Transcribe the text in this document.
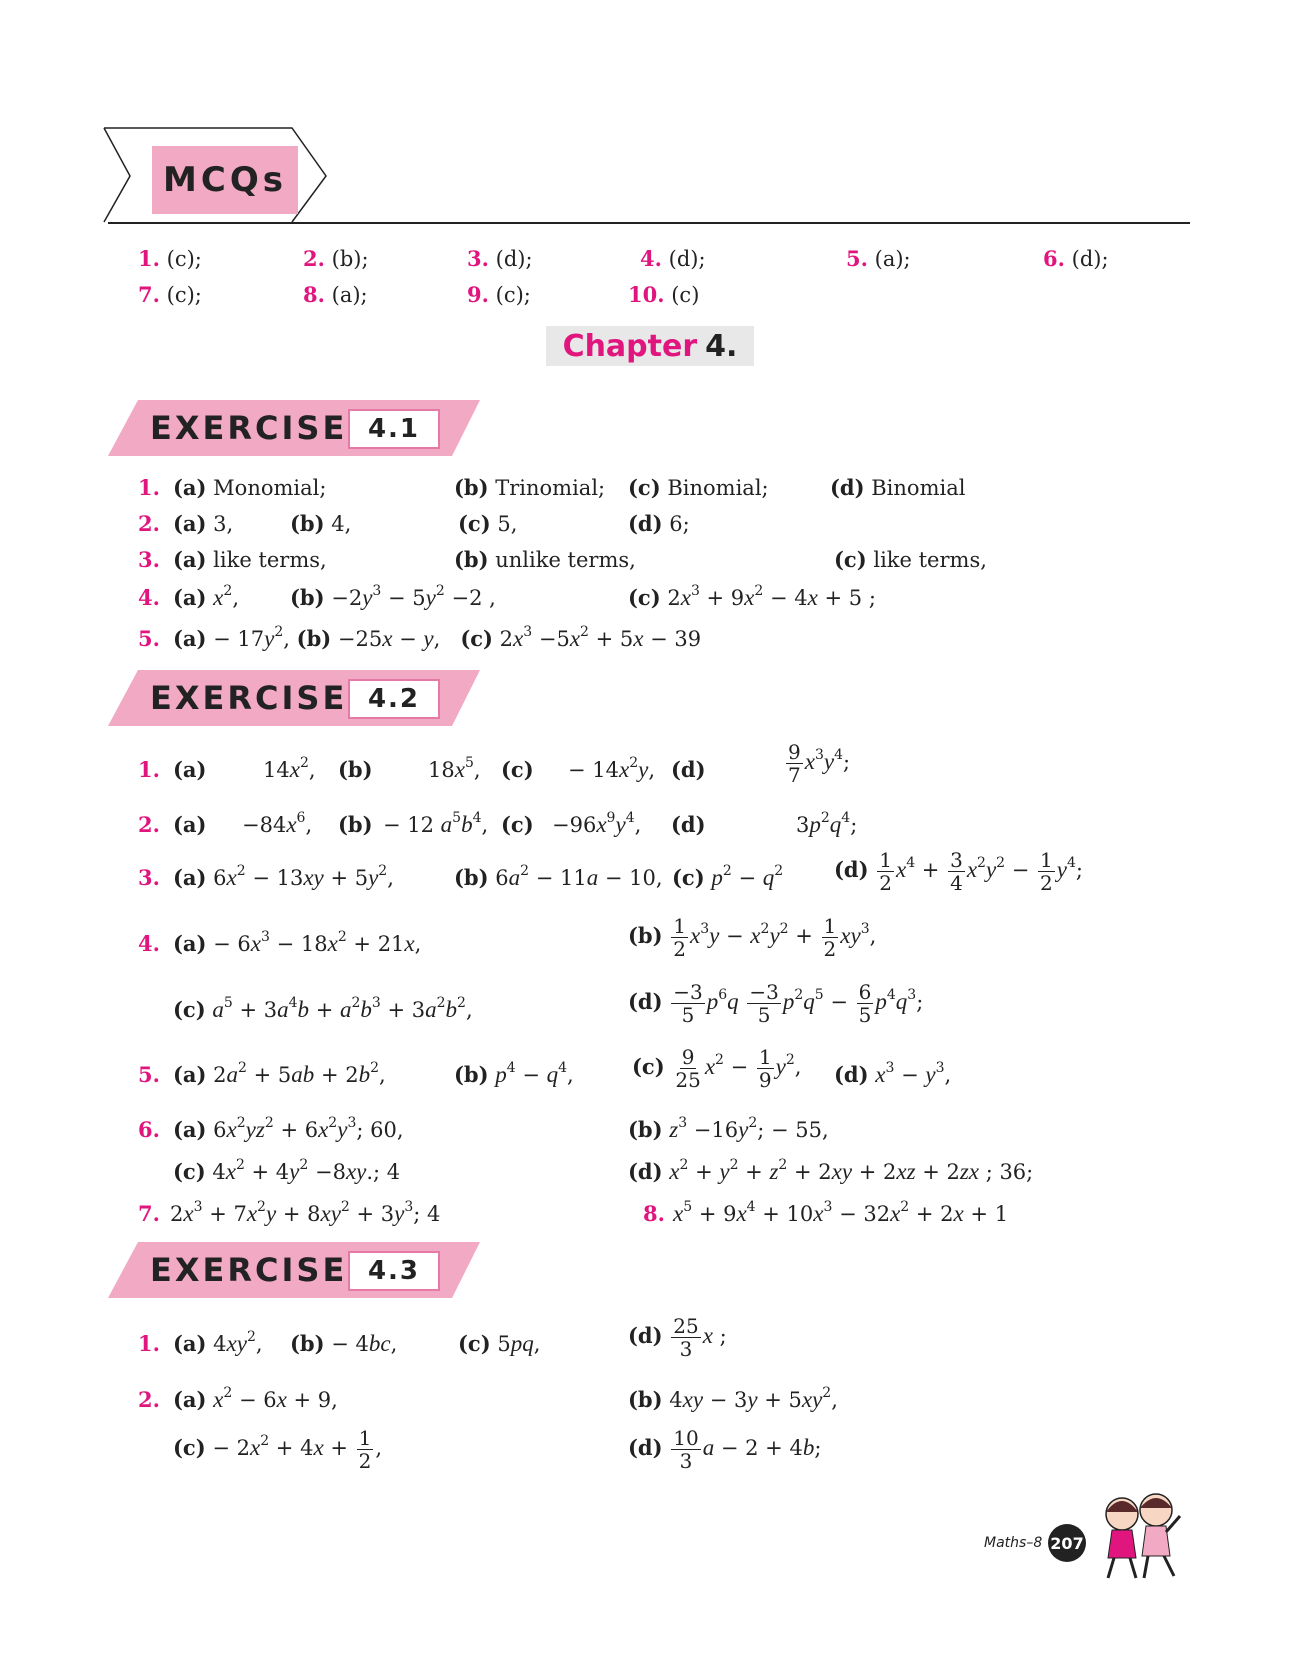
MCQs
1. (c);	2. (b);	3. (d);	4. (d);	5. (a);	6. (d);
7. (c);	8. (a);	9. (c);	10. (c)
Chapter 4.
EXERCISE 4.1
1. (a) Monomial;	(b) Trinomial; (c) Binomial;	(d) Binomial
2. (a) 3,	(b) 4,	(c) 5,	(d) 6;
3. (a) like terms,	(b) unlike terms,	(c) like terms,
4. (a) $x^2$, $(b) -2y^3 - 5y^2 -2$ ,	(c) $2x^3 + 9x^2 - 4x + 5$ ;
5. $(a) - 17y^2$, (b) −25x − y,   (c) $2x^3 -5x^2 + 5x - 39$
EXERCISE 4.2
1. (a)	$14x^2$, (b)	$18x^5$, $(c) - 14x^2y$, (d)	$\frac{9}{7} x^3y^4$;
2. $(a) -84x^6$, (b) − 12 $a^5b^4$, $(c) -96x^9y^4$, (d)	$3p^2q^4$;
3. (a) $6x^2 - 13xy + 5y^2$,	(b) $6a^2 - 11a - 10$, (c) $p^2 - q^2$ $(d) \frac{1}{2} x^4 + \frac{3}{4} x^2y^2 - \frac{1}{2} y^4$;
4. $(a) - 6x^3 - 18x^2 + 21x$,	$(b) \frac{1}{2} x^3y - x^2y^2 + \frac{1}{2} xy^3$,
(c) $a^5 + 3a^4b + a^2b^3 + 3a^2b^2$,	$(d) \frac{-3}{5} p^6q \frac{-3}{5} p^2q^5 - \frac{6}{5} p^4q^3$;
5. (a) $2a^2 + 5ab + 2b^2$,	(b) $p^4 - q^4$,	$(c) \frac{9}{25} x^2 - \frac{1}{9} y^2$, (d) $x^3 - y^3$,
6. (a) $6x^2yz^2 + 6x^2y^3$; 60,	(b) $z^3 -16y^2$; − 55,
(c) $4x^2 + 4y^2 -8xy$.; 4	(d) $x^2 + y^2 + z^2 + 2xy + 2xz + 2zx$ ; 36;
7. $2x^3 + 7x^2y + 8xy^2 + 3y^3$; 4	8. $x^5 + 9x^4 + 10x^3 - 32x^2 + 2x + 1$
EXERCISE 4.3
1. (a) $4xy^2$, (b) − 4bc,	(c) 5pq,	$(d) \frac{25}{3}$ x ;
2. (a) $x^2 - 6x + 9$,	(b) $4xy - 3y + 5xy^2$,
$(c) - 2x^2 + 4x + \frac{1}{2}$ ,	$(d) \frac{10}{3}$ a − 2 + 4b;
Maths–8 207
